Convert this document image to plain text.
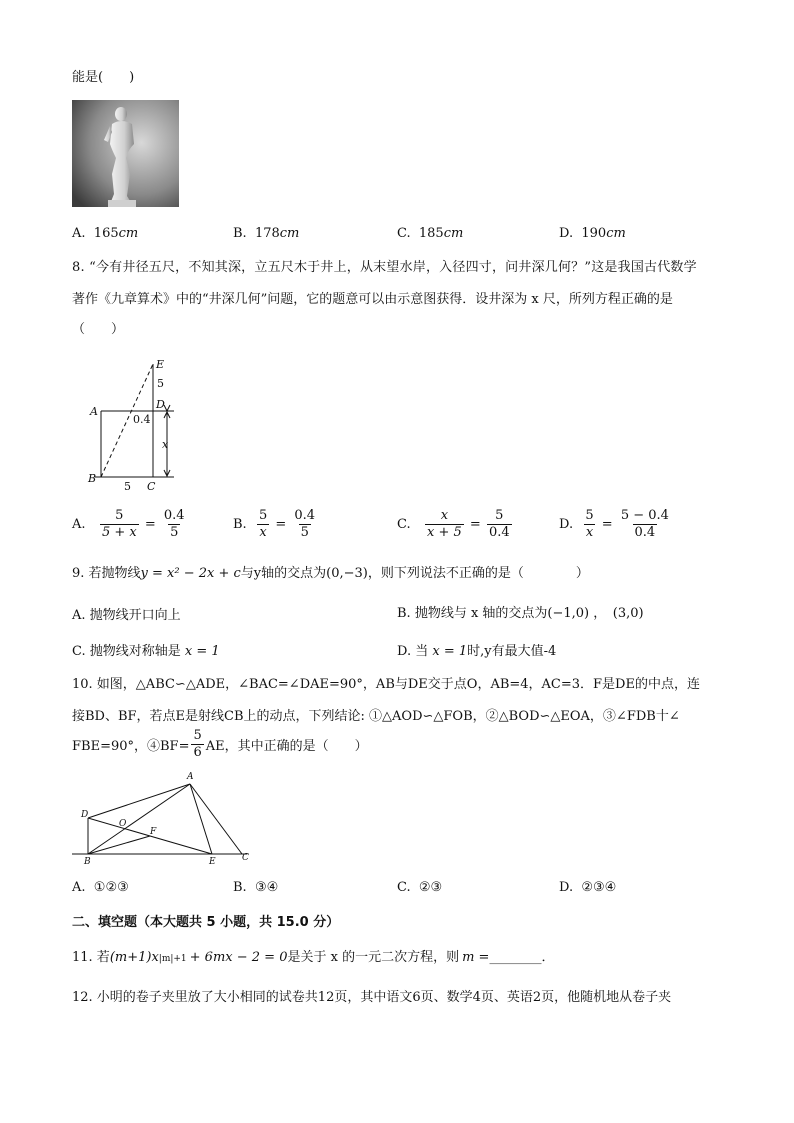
能是(　　)
A.
165 cm	B.
178 cm	C.
185 cm	D.
190 cm
8. “今有井径五尺，不知其深，立五尺木于井上，从末望水岸，入径四寸，问井深几何？”这是我国古代数学
著作《九章算术》中的“井深几何”问题，它的题意可以由示意图获得．设井深为 x 尺，所列方程正确的是
（　　）
E
D
A
B
C
x
5
0.4
5
A.
$\frac{5}{5 + x} = \frac{0.4}{5}$	B.
$\frac{5}{x} = \frac{0.4}{5}$	C.
$\frac{x}{x + 5} = \frac{5}{0.4}$	D.
$\frac{5}{x} = \frac{5 - 0.4}{0.4}$
9. 若抛物线y = x² − 2x + c与y轴的交点为(0,−3)，则下列说法不正确的是（　　　　）
A. 抛物线开口向上	B. 抛物线与 x 轴的交点为(−1,0) ，　(3,0)
C. 抛物线对称轴是 x = 1	D. 当 x = 1时,y有最大值-4
10. 如图，△ABC∽△ADE，∠BAC=∠DAE=90°，AB与DE交于点O，AB=4，AC=3．F是DE的中点，连
接BD、BF，若点E是射线CB上的动点，下列结论: ①△AOD∽△FOB，②△BOD∽△EOA，③∠FDB十∠
FBE=90°，④BF= $\frac{5}{6}$ AE，其中正确的是（　　）
A
D
O
F
B	E	C
A. ①②③	B. ③④	C. ②③	D. ②③④
二、填空题（本大题共 5 小题，共 15.0 分）
11. 若 (m+1)x |m|+1 + 6mx − 2 = 0 是关于 x 的一元二次方程，则 m = ________ ．
12. 小明的卷子夹里放了大小相同的试卷共12页，其中语文6页、数学4页、英语2页，他随机地从卷子夹
